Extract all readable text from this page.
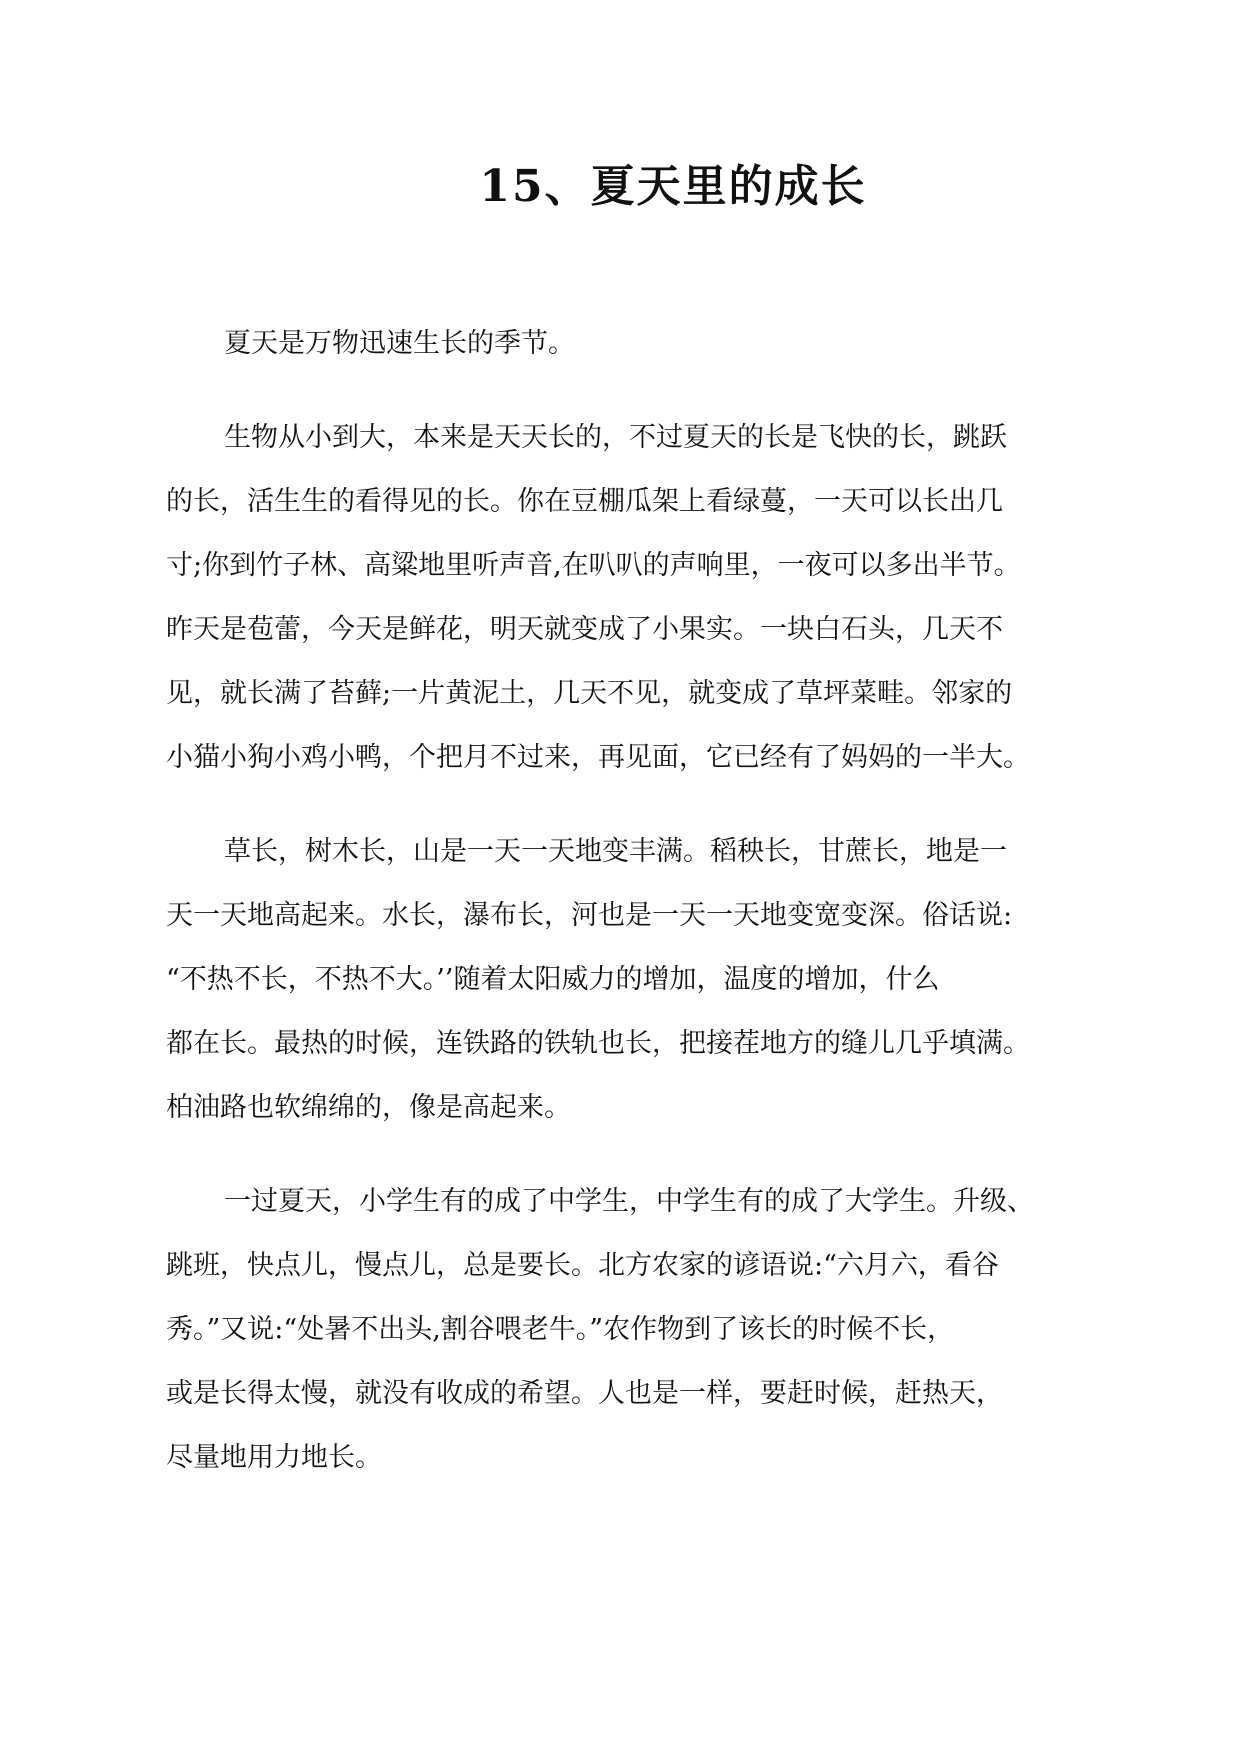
15、夏天里的成长

夏天是万物迅速生长的季节。

生物从小到大，本来是天天长的，不过夏天的长是飞快的长，跳跃
的长，活生生的看得见的长。你在豆棚瓜架上看绿蔓，一天可以长出几
寸;你到竹子林、高粱地里听声音,在叭叭的声响里，一夜可以多出半节。
昨天是苞蕾，今天是鲜花，明天就变成了小果实。一块白石头，几天不
见，就长满了苔藓;一片黄泥土，几天不见，就变成了草坪菜畦。邻家的
小猫小狗小鸡小鸭，个把月不过来，再见面，它已经有了妈妈的一半大。

草长，树木长，山是一天一天地变丰满。稻秧长，甘蔗长，地是一
天一天地高起来。水长，瀑布长，河也是一天一天地变宽变深。俗话说:
“不热不长，不热不大。’’随着太阳威力的增加，温度的增加，什么
都在长。最热的时候，连铁路的铁轨也长，把接茬地方的缝儿几乎填满。
柏油路也软绵绵的，像是高起来。

一过夏天，小学生有的成了中学生，中学生有的成了大学生。升级、
跳班，快点儿，慢点儿，总是要长。北方农家的谚语说:“六月六，看谷
秀。”又说:“处暑不出头,割谷喂老牛。”农作物到了该长的时候不长，
或是长得太慢，就没有收成的希望。人也是一样，要赶时候，赶热天，
尽量地用力地长。
